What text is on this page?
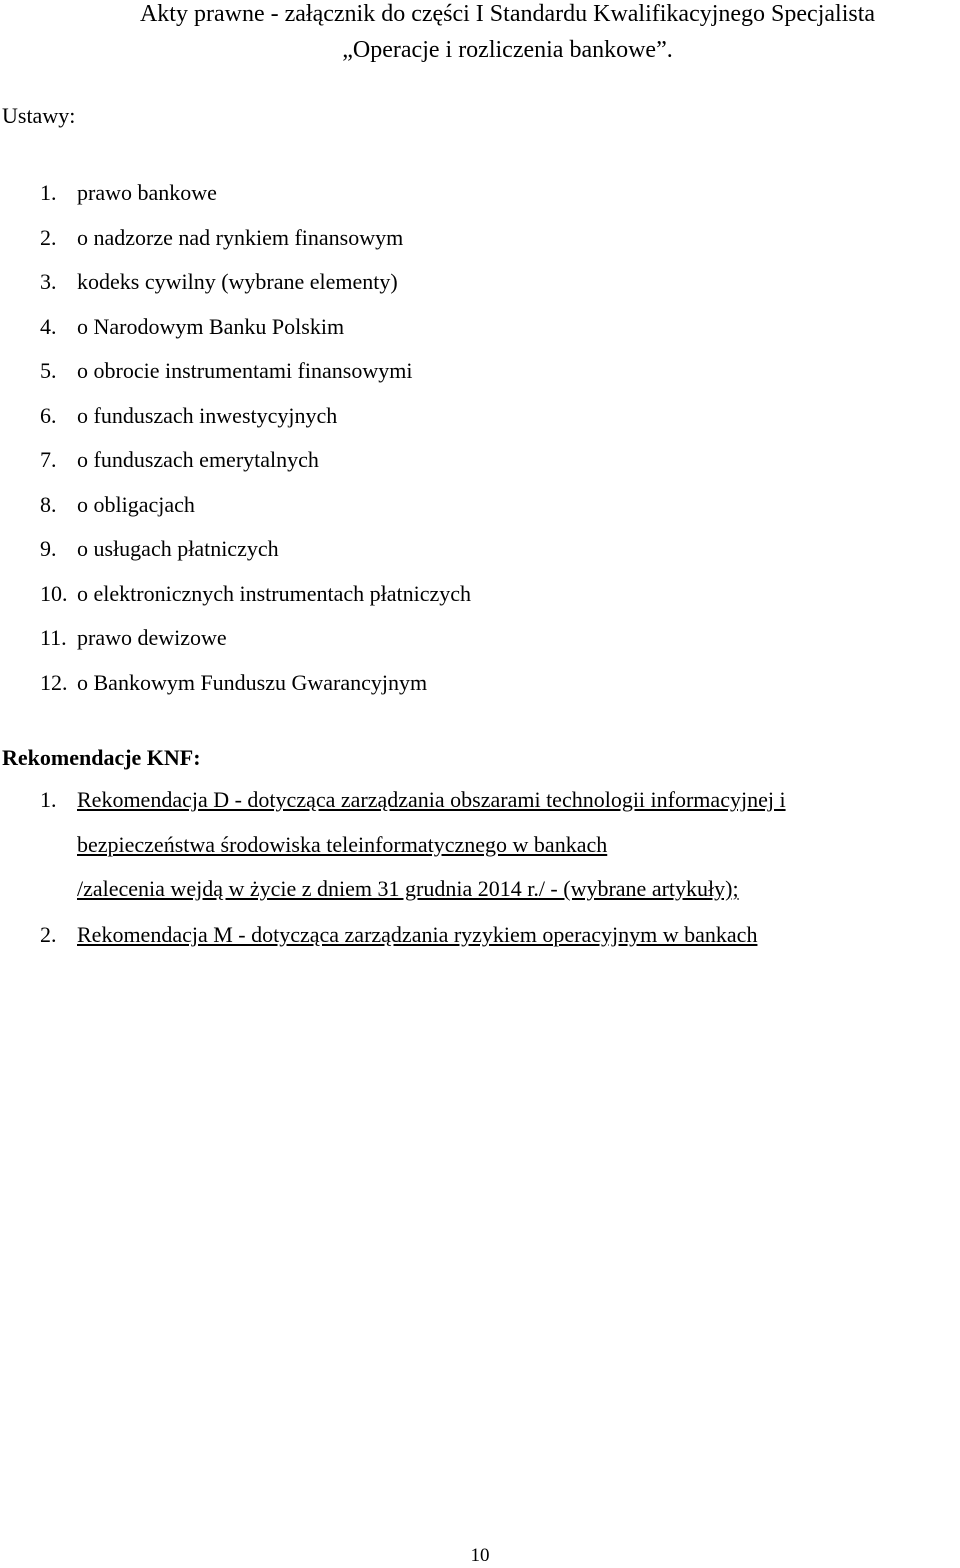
Akty prawne - załącznik do części I Standardu Kwalifikacyjnego Specjalista
„Operacje i rozliczenia bankowe”.
Ustawy:
1. prawo bankowe
2. o nadzorze nad rynkiem finansowym
3. kodeks cywilny (wybrane elementy)
4. o Narodowym Banku Polskim
5. o obrocie instrumentami finansowymi
6. o funduszach inwestycyjnych
7. o funduszach emerytalnych
8. o obligacjach
9. o usługach płatniczych
10. o elektronicznych instrumentach płatniczych
11. prawo dewizowe
12. o Bankowym Funduszu Gwarancyjnym
Rekomendacje KNF:
1. Rekomendacja D - dotycząca zarządzania obszarami technologii informacyjnej i
bezpieczeństwa środowiska teleinformatycznego w bankach
/zalecenia wejdą w życie z dniem 31 grudnia 2014 r./ - (wybrane artykuły);
2. Rekomendacja M - dotycząca zarządzania ryzykiem operacyjnym w bankach

10
